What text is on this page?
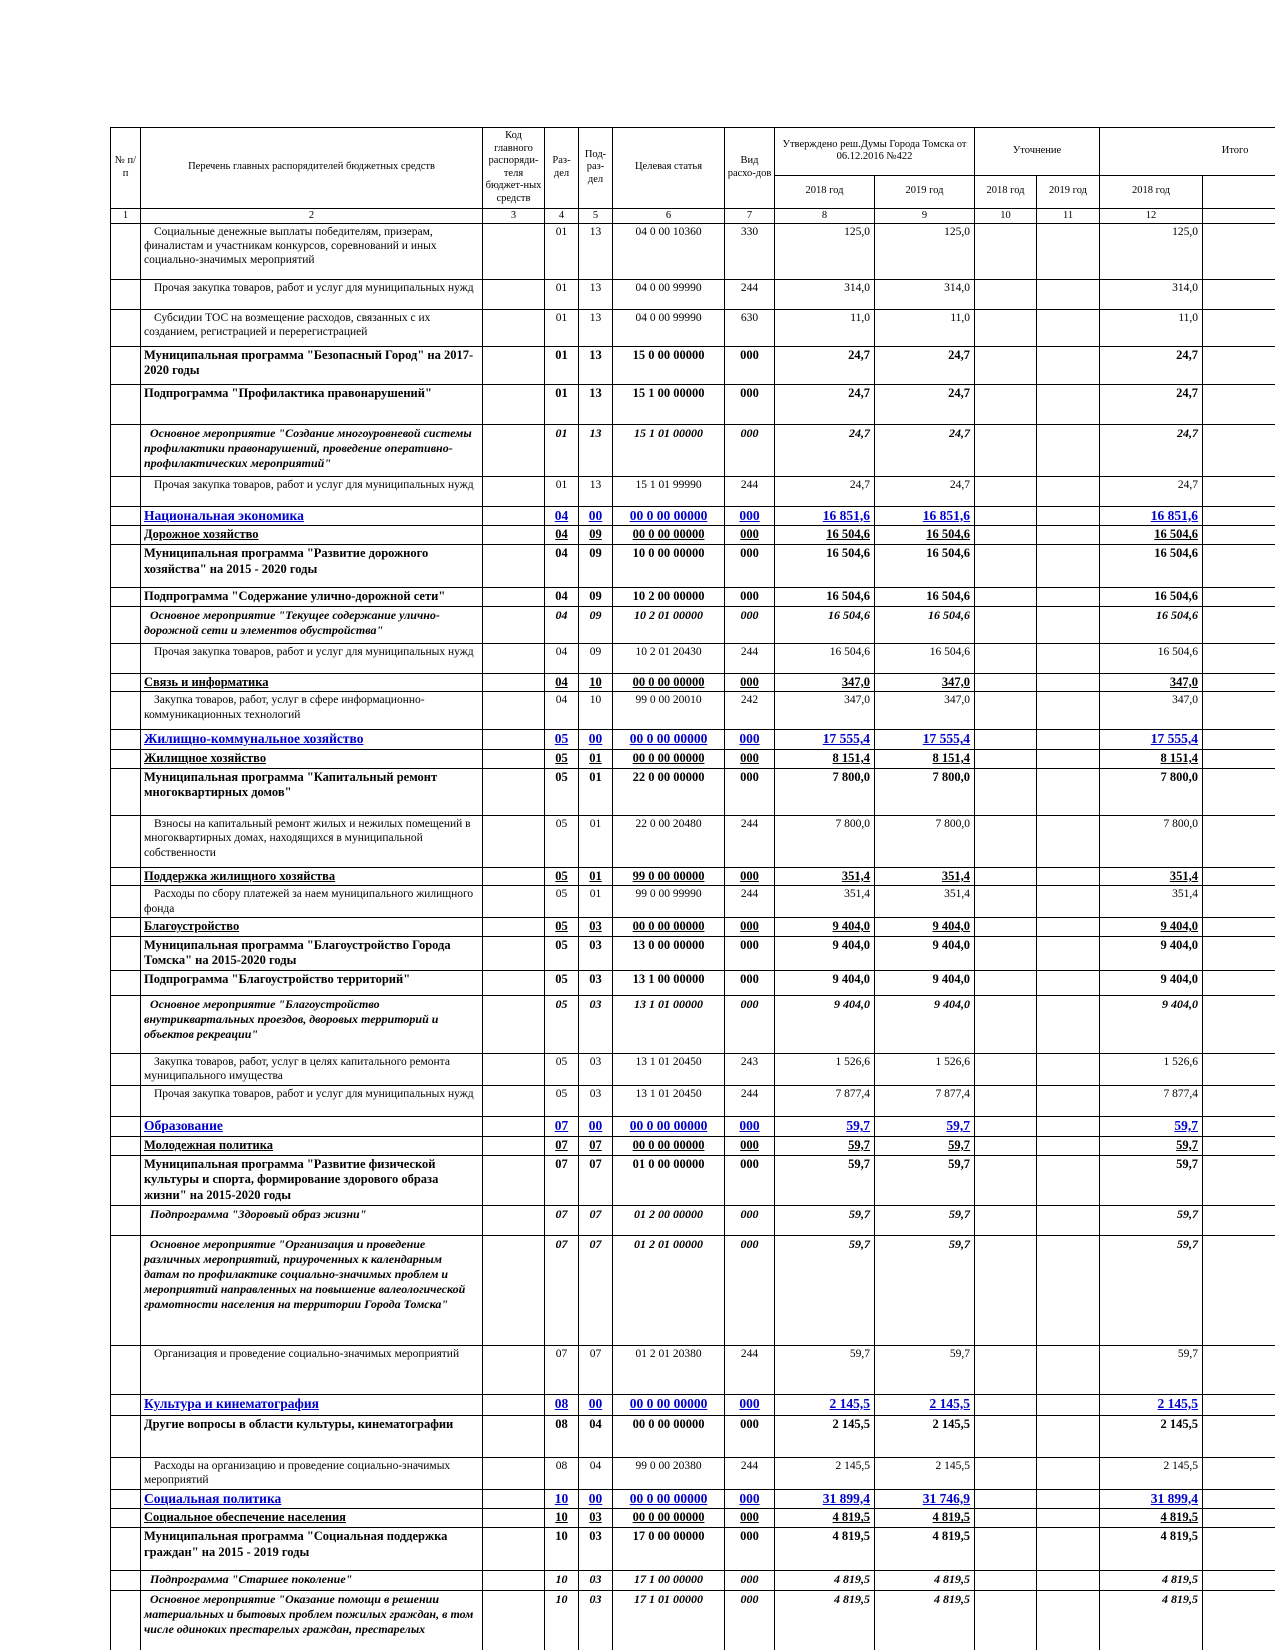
№ п/п	Перечень главных распорядителей бюджетных средств	Код главного распоряди-теля бюджет-ных средств	Раз-дел	Под-раз-дел	Целевая статья	Вид расхо-дов	Утверждено реш.Думы Города Томска от 06.12.2016 №422		Уточнение		Итого	
							2018 год	2019 год	2018 год	2019 год	2018 год	
1	2	3	4	5	6	7	8	9	10	11	12	
	Социальные денежные выплаты победителям, призерам, финалистам и участникам конкурсов, соревнований и иных социально-значимых мероприятий		01	13	04 0 00 10360	330	125,0	125,0			125,0	
	Прочая закупка товаров, работ и услуг для муниципальных нужд		01	13	04 0 00 99990	244	314,0	314,0			314,0	
	Субсидии ТОС на возмещение расходов, связанных с их созданием, регистрацией и перерегистрацией		01	13	04 0 00 99990	630	11,0	11,0			11,0	
	Муниципальная программа "Безопасный Город" на 2017-2020 годы		01	13	15 0 00 00000	000	24,7	24,7			24,7	
	Подпрограмма "Профилактика правонарушений"		01	13	15 1 00 00000	000	24,7	24,7			24,7	
	Основное мероприятие "Создание многоуровневой системы профилактики правонарушений, проведение оперативно-профилактических мероприятий"		01	13	15 1 01 00000	000	24,7	24,7			24,7	
	Прочая закупка товаров, работ и услуг для муниципальных нужд		01	13	15 1 01 99990	244	24,7	24,7			24,7	
	Национальная экономика		04	00	00 0 00 00000	000	16 851,6	16 851,6			16 851,6	
	Дорожное хозяйство		04	09	00 0 00 00000	000	16 504,6	16 504,6			16 504,6	
	Муниципальная программа "Развитие дорожного хозяйства" на 2015 - 2020 годы		04	09	10 0 00 00000	000	16 504,6	16 504,6			16 504,6	
	Подпрограмма "Содержание улично-дорожной сети"		04	09	10 2 00 00000	000	16 504,6	16 504,6			16 504,6	
	Основное мероприятие "Текущее содержание улично-дорожной сети и элементов обустройства"		04	09	10 2 01 00000	000	16 504,6	16 504,6			16 504,6	
	Прочая закупка товаров, работ и услуг для муниципальных нужд		04	09	10 2 01 20430	244	16 504,6	16 504,6			16 504,6	
	Связь и информатика		04	10	00 0 00 00000	000	347,0	347,0			347,0	
	Закупка товаров, работ, услуг в сфере информационно-коммуникационных технологий		04	10	99 0 00 20010	242	347,0	347,0			347,0	
	Жилищно-коммунальное хозяйство		05	00	00 0 00 00000	000	17 555,4	17 555,4			17 555,4	
	Жилищное хозяйство		05	01	00 0 00 00000	000	8 151,4	8 151,4			8 151,4	
	Муниципальная программа "Капитальный ремонт многоквартирных домов"		05	01	22 0 00 00000	000	7 800,0	7 800,0			7 800,0	
	Взносы на капитальный ремонт жилых и нежилых помещений в многоквартирных домах, находящихся в муниципальной собственности		05	01	22 0 00 20480	244	7 800,0	7 800,0			7 800,0	
	Поддержка жилищного хозяйства		05	01	99 0 00 00000	000	351,4	351,4			351,4	
	Расходы по сбору платежей за наем муниципального жилищного фонда		05	01	99 0 00 99990	244	351,4	351,4			351,4	
	Благоустройство		05	03	00 0 00 00000	000	9 404,0	9 404,0			9 404,0	
	Муниципальная программа "Благоустройство Города Томска" на 2015-2020 годы		05	03	13 0 00 00000	000	9 404,0	9 404,0			9 404,0	
	Подпрограмма "Благоустройство территорий"		05	03	13 1 00 00000	000	9 404,0	9 404,0			9 404,0	
	Основное мероприятие "Благоустройство внутриквартальных проездов, дворовых территорий и объектов рекреации"		05	03	13 1 01 00000	000	9 404,0	9 404,0			9 404,0	
	Закупка товаров, работ, услуг в целях капитального ремонта муниципального имущества		05	03	13 1 01 20450	243	1 526,6	1 526,6			1 526,6	
	Прочая закупка товаров, работ и услуг для муниципальных нужд		05	03	13 1 01 20450	244	7 877,4	7 877,4			7 877,4	
	Образование		07	00	00 0 00 00000	000	59,7	59,7			59,7	
	Молодежная политика		07	07	00 0 00 00000	000	59,7	59,7			59,7	
	Муниципальная программа "Развитие физической культуры и спорта, формирование здорового образа жизни" на 2015-2020 годы		07	07	01 0 00 00000	000	59,7	59,7			59,7	
	Подпрограмма "Здоровый образ жизни"		07	07	01 2 00 00000	000	59,7	59,7			59,7	
	Основное мероприятие "Организация и проведение различных мероприятий, приуроченных к календарным датам по профилактике социально-значимых проблем и мероприятий направленных на повышение валеологической грамотности населения на территории Города Томска"		07	07	01 2 01 00000	000	59,7	59,7			59,7	
	Организация и проведение социально-значимых мероприятий		07	07	01 2 01 20380	244	59,7	59,7			59,7	
	Культура и кинематография		08	00	00 0 00 00000	000	2 145,5	2 145,5			2 145,5	
	Другие вопросы в области культуры, кинематографии		08	04	00 0 00 00000	000	2 145,5	2 145,5			2 145,5	
	Расходы на организацию и проведение социально-значимых мероприятий		08	04	99 0 00 20380	244	2 145,5	2 145,5			2 145,5	
	Социальная политика		10	00	00 0 00 00000	000	31 899,4	31 746,9			31 899,4	
	Социальное обеспечение населения		10	03	00 0 00 00000	000	4 819,5	4 819,5			4 819,5	
	Муниципальная программа "Социальная поддержка граждан" на 2015 - 2019 годы		10	03	17 0 00 00000	000	4 819,5	4 819,5			4 819,5	
	Подпрограмма "Старшее поколение"		10	03	17 1 00 00000	000	4 819,5	4 819,5			4 819,5	
	Основное мероприятие "Оказание помощи в решении материальных и бытовых проблем пожилых граждан, в том числе одиноких престарелых граждан, престарелых		10	03	17 1 01 00000	000	4 819,5	4 819,5			4 819,5	
